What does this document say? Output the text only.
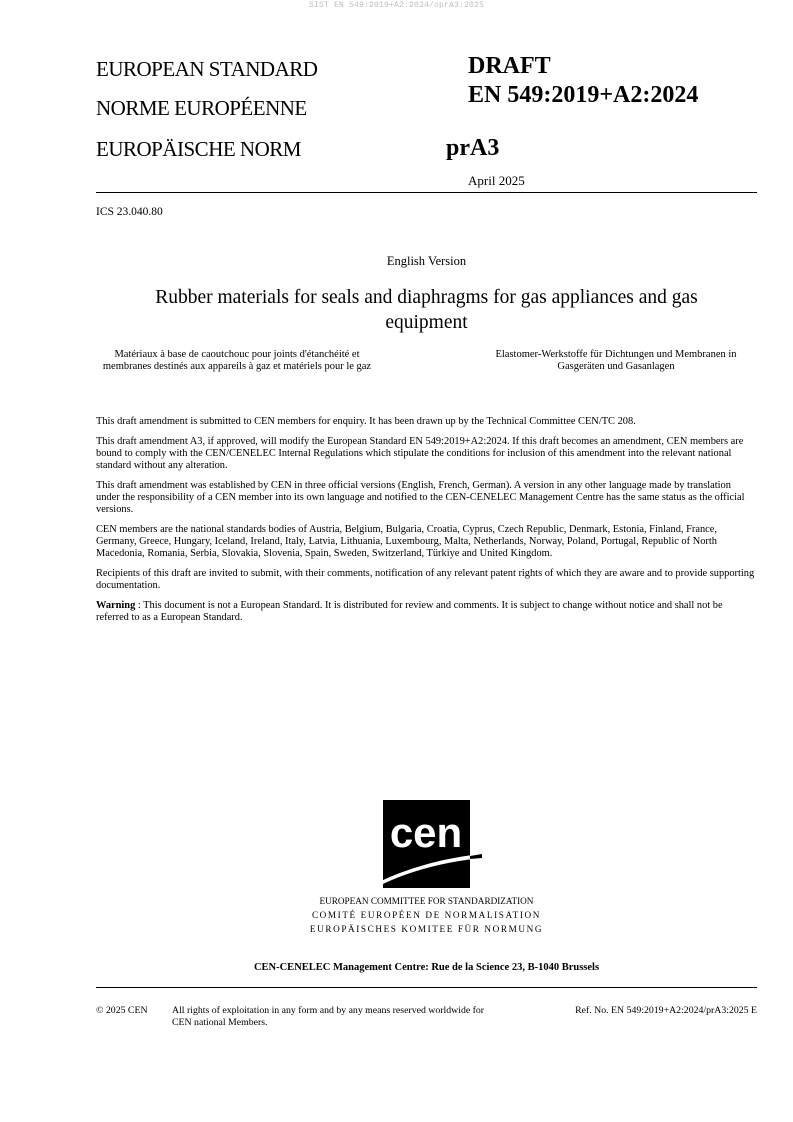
SIST EN 549:2019+A2:2024/oprA3:2025
EUROPEAN STANDARD
NORME EUROPÉENNE
EUROPÄISCHE NORM
DRAFT
EN 549:2019+A2:2024
prA3
April 2025
ICS 23.040.80
English Version
Rubber materials for seals and diaphragms for gas appliances and gas equipment
Matériaux à base de caoutchouc pour joints d'étanchéité et membranes destinés aux appareils à gaz et matériels pour le gaz
Elastomer-Werkstoffe für Dichtungen und Membranen in Gasgeräten und Gasanlagen

This draft amendment is submitted to CEN members for enquiry. It has been drawn up by the Technical Committee CEN/TC 208.

This draft amendment A3, if approved, will modify the European Standard EN 549:2019+A2:2024. If this draft becomes an amendment, CEN members are bound to comply with the CEN/CENELEC Internal Regulations which stipulate the conditions for inclusion of this amendment into the relevant national standard without any alteration.

This draft amendment was established by CEN in three official versions (English, French, German). A version in any other language made by translation under the responsibility of a CEN member into its own language and notified to the CEN-CENELEC Management Centre has the same status as the official versions.

CEN members are the national standards bodies of Austria, Belgium, Bulgaria, Croatia, Cyprus, Czech Republic, Denmark, Estonia, Finland, France, Germany, Greece, Hungary, Iceland, Ireland, Italy, Latvia, Lithuania, Luxembourg, Malta, Netherlands, Norway, Poland, Portugal, Republic of North Macedonia, Romania, Serbia, Slovakia, Slovenia, Spain, Sweden, Switzerland, Türkiye and United Kingdom.

Recipients of this draft are invited to submit, with their comments, notification of any relevant patent rights of which they are aware and to provide supporting documentation.

Warning : This document is not a European Standard. It is distributed for review and comments. It is subject to change without notice and shall not be referred to as a European Standard.

cen
EUROPEAN COMMITTEE FOR STANDARDIZATION
COMITÉ EUROPÉEN DE NORMALISATION
EUROPÄISCHES KOMITEE FÜR NORMUNG
CEN-CENELEC Management Centre: Rue de la Science 23, B-1040 Brussels
© 2025 CEN All rights of exploitation in any form and by any means reserved worldwide for CEN national Members.
Ref. No. EN 549:2019+A2:2024/prA3:2025 E
